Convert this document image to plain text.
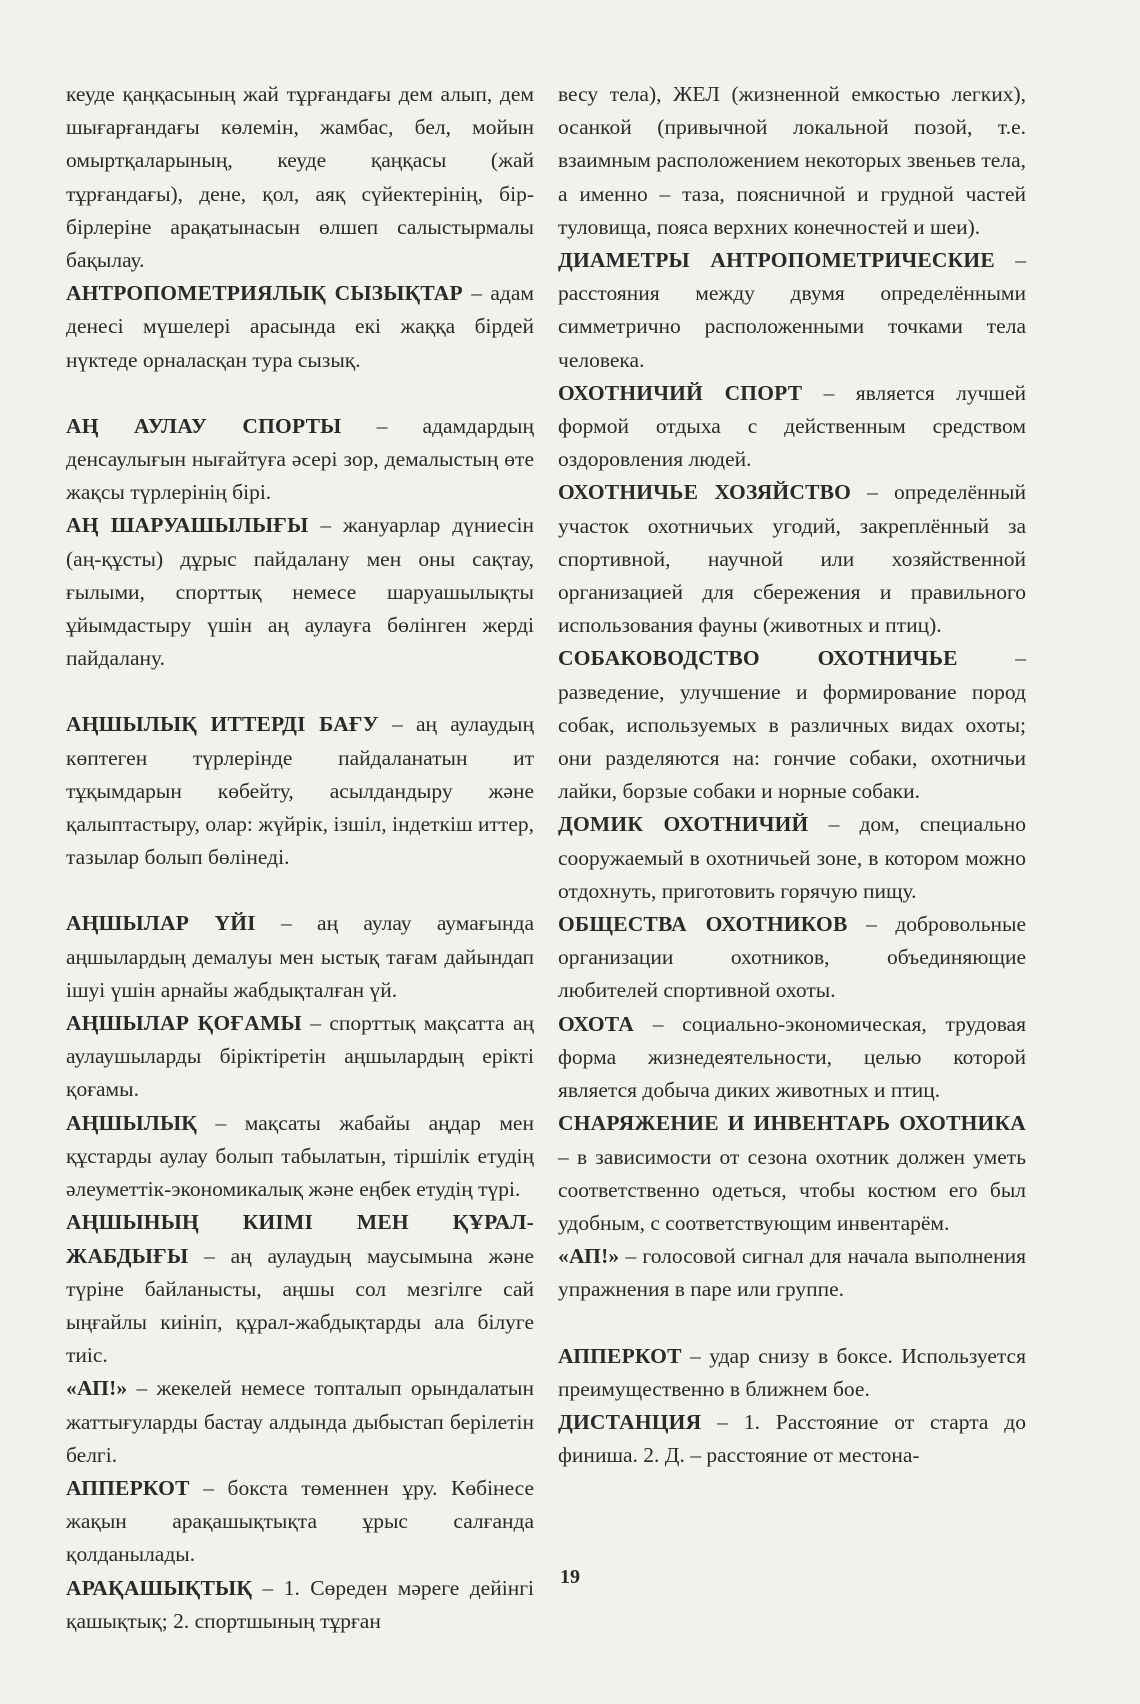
кеуде қаңқасының жай тұрғандағы дем алып, дем шығарғандағы көлемін, жамбас, бел, мойын омыртқаларының, кеуде қаңқасы (жай тұрғандағы), дене, қол, аяқ сүйектерінің, бір-бірлеріне арақатынасын өлшеп салыстырмалы бақылау.

АНТРОПОМЕТРИЯЛЫҚ СЫЗЫҚТАР – адам денесі мүшелері арасында екі жаққа бірдей нүктеде орналасқан тура сызық.

АҢ АУЛАУ СПОРТЫ – адамдардың денсаулығын нығайтуға әсері зор, демалыстың өте жақсы түрлерінің бірі.

АҢ ШАРУАШЫЛЫҒЫ – жануарлар дүниесін (аң-құсты) дұрыс пайдалану мен оны сақтау, ғылыми, спорттық немесе шаруашылықты ұйымдастыру үшін аң аулауға бөлінген жерді пайдалану.

АҢШЫЛЫҚ ИТТЕРДІ БАҒУ – аң аулаудың көптеген түрлерінде пайдаланатын ит тұқымдарын көбейту, асылдандыру және қалыптастыру, олар: жүйрік, ізшіл, індеткіш иттер, тазылар болып бөлінеді.

АҢШЫЛАР ҮЙІ – аң аулау аумағында аңшылардың демалуы мен ыстық тағам дайындап ішуі үшін арнайы жабдықталған үй.

АҢШЫЛАР ҚОҒАМЫ – спорттық мақсатта аң аулаушыларды біріктіретін аңшылардың ерікті қоғамы.

АҢШЫЛЫҚ – мақсаты жабайы аңдар мен құстарды аулау болып табылатын, тіршілік етудің әлеуметтік-экономикалық және еңбек етудің түрі.

АҢШЫНЫҢ КИІМІ МЕН ҚҰРАЛ-ЖАБДЫҒЫ – аң аулаудың маусымына және түріне байланысты, аңшы сол мезгілге сай ыңғайлы киініп, құрал-жабдықтарды ала білуге тиіс.

«АП!» – жекелей немесе топталып орындалатын жаттығуларды бастау алдында дыбыстап берілетін белгі.

АППЕРКОТ – бокста төменнен ұру. Көбінесе жақын арақашықтықта ұрыс салғанда қолданылады.

АРАҚАШЫҚТЫҚ – 1. Сөреден мәреге дейінгі қашықтық; 2. спортшының тұрған

весу тела), ЖЕЛ (жизненной емкостью легких), осанкой (привычной локальной позой, т.е. взаимным расположением некоторых звеньев тела, а именно – таза, поясничной и грудной частей туловища, пояса верхних конечностей и шеи).

ДИАМЕТРЫ АНТРОПОМЕТРИЧЕСКИЕ – расстояния между двумя определёнными симметрично расположенными точками тела человека.

ОХОТНИЧИЙ СПОРТ – является лучшей формой отдыха с действенным средством оздоровления людей.

ОХОТНИЧЬЕ ХОЗЯЙСТВО – определённый участок охотничьих угодий, закреплённый за спортивной, научной или хозяйственной организацией для сбережения и правильного использования фауны (животных и птиц).

СОБАКОВОДСТВО ОХОТНИЧЬЕ – разведение, улучшение и формирование пород собак, используемых в различных видах охоты; они разделяются на: гончие собаки, охотничьи лайки, борзые собаки и норные собаки.

ДОМИК ОХОТНИЧИЙ – дом, специально сооружаемый в охотничьей зоне, в котором можно отдохнуть, приготовить горячую пищу.

ОБЩЕСТВА ОХОТНИКОВ – добровольные организации охотников, объединяющие любителей спортивной охоты.

ОХОТА – социально-экономическая, трудовая форма жизнедеятельности, целью которой является добыча диких животных и птиц.

СНАРЯЖЕНИЕ И ИНВЕНТАРЬ ОХОТНИКА – в зависимости от сезона охотник должен уметь соответственно одеться, чтобы костюм его был удобным, с соответствующим инвентарём.

«АП!» – голосовой сигнал для начала выполнения упражнения в паре или группе.

АППЕРКОТ – удар снизу в боксе. Используется преимущественно в ближнем бое.

ДИСТАНЦИЯ – 1. Расстояние от старта до финиша. 2. Д. – расстояние от местона-

19
